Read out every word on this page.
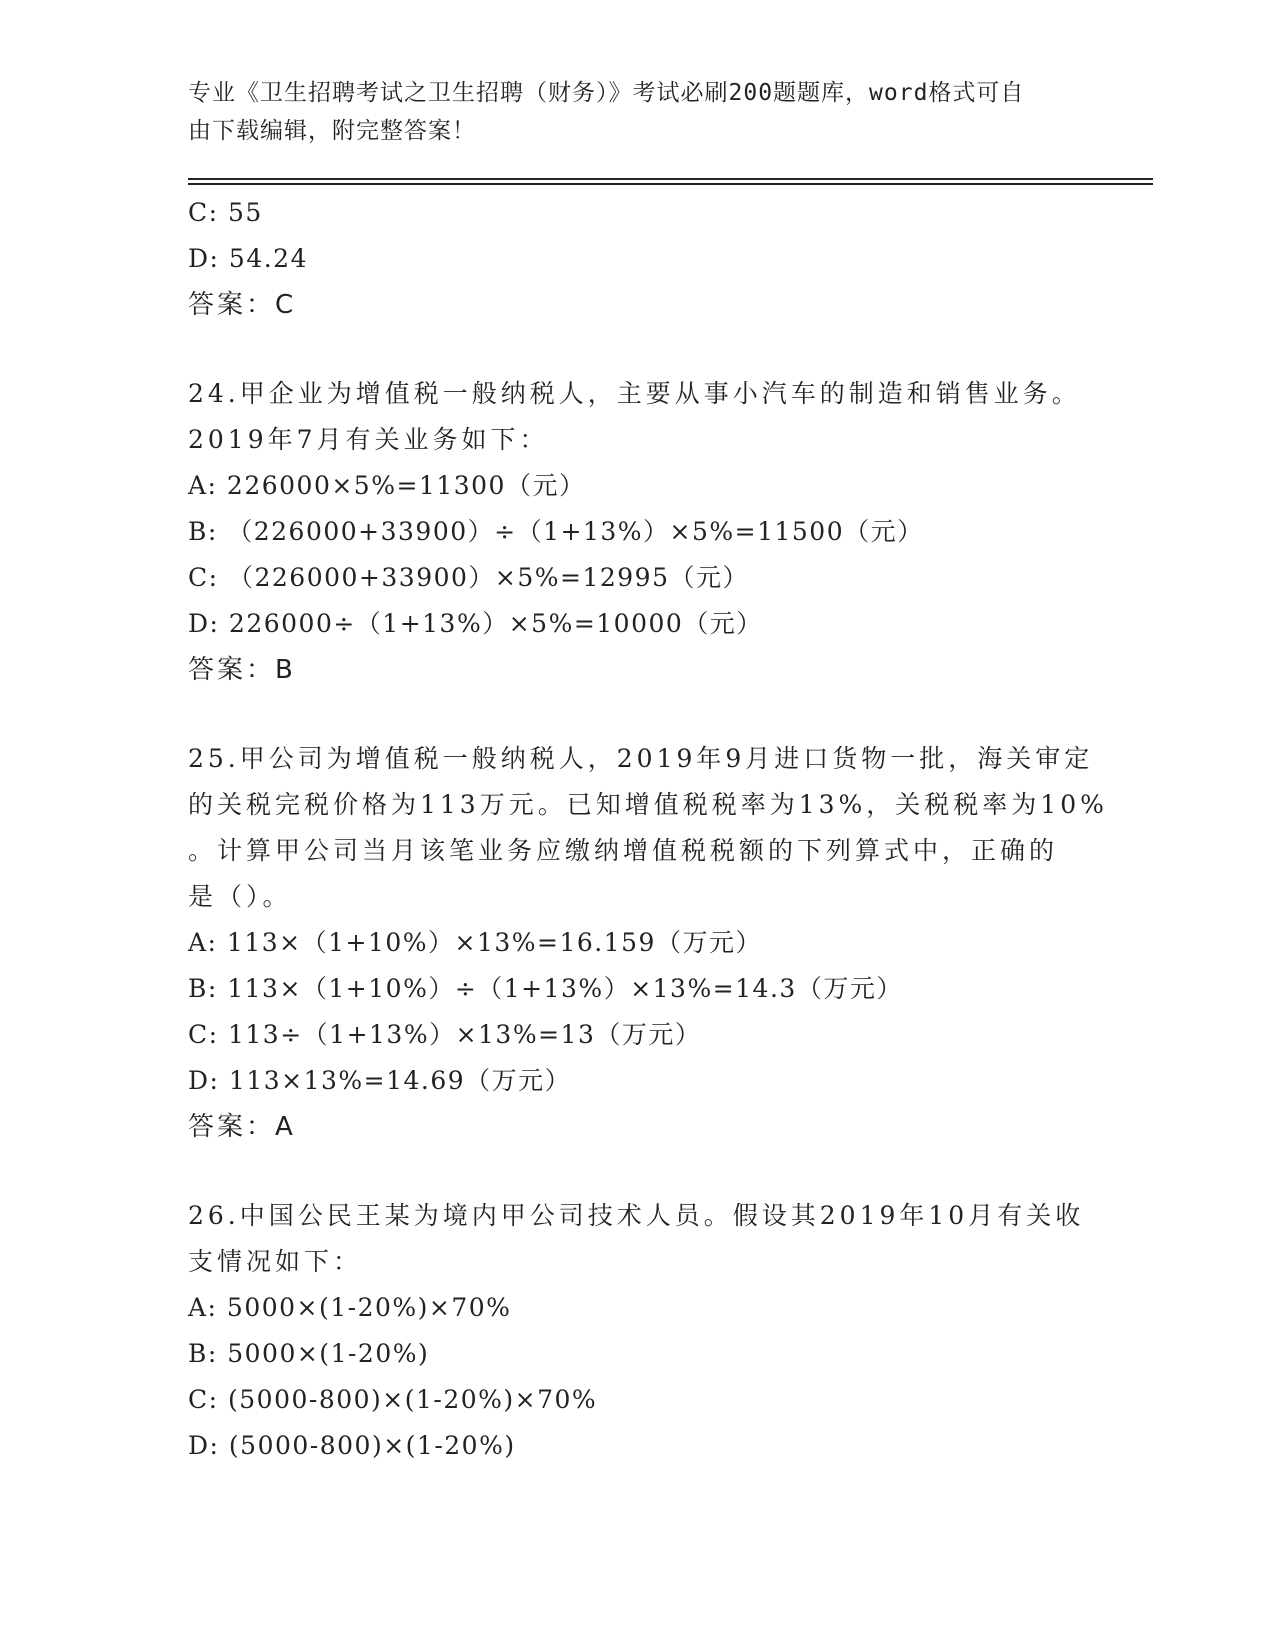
专业《卫生招聘考试之卫生招聘（财务）》考试必刷200题题库，word格式可自
由下载编辑，附完整答案！
C: 55
D: 54.24
答案：C
24.甲企业为增值税一般纳税人，主要从事小汽车的制造和销售业务。
2019年7月有关业务如下：
A: 226000×5%=11300（元）
B: （226000+33900）÷（1+13%）×5%=11500（元）
C: （226000+33900）×5%=12995（元）
D: 226000÷（1+13%）×5%=10000（元）
答案：B
25.甲公司为增值税一般纳税人，2019年9月进口货物一批，海关审定
的关税完税价格为113万元。已知增值税税率为13%，关税税率为10%
。计算甲公司当月该笔业务应缴纳增值税税额的下列算式中，正确的
是（）。
A: 113×（1+10%）×13%=16.159（万元）
B: 113×（1+10%）÷（1+13%）×13%=14.3（万元）
C: 113÷（1+13%）×13%=13（万元）
D: 113×13%=14.69（万元）
答案：A
26.中国公民王某为境内甲公司技术人员。假设其2019年10月有关收
支情况如下：
A: 5000×(1-20%)×70%
B: 5000×(1-20%)
C: (5000-800)×(1-20%)×70%
D: (5000-800)×(1-20%)
